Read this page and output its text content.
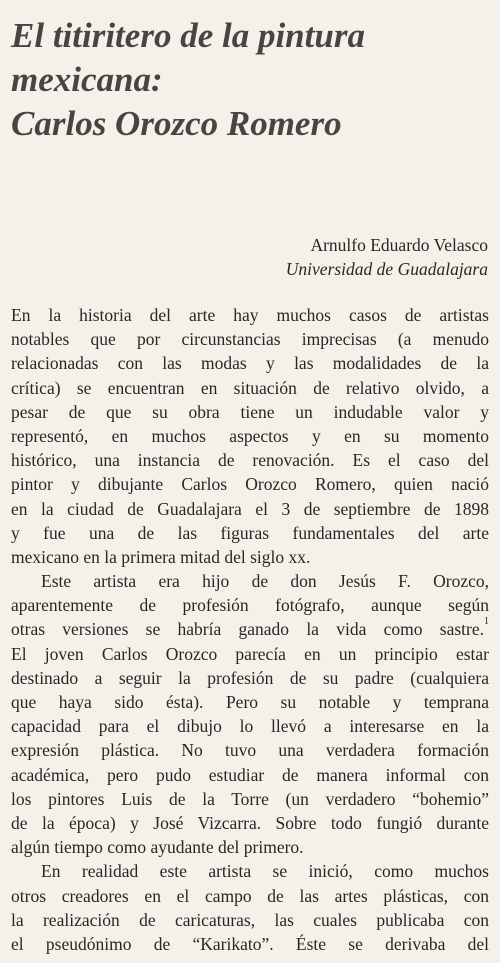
El titiritero de la pintura
mexicana:
Carlos Orozco Romero
Arnulfo Eduardo Velasco
Universidad de Guadalajara
En la historia del arte hay muchos casos de artistas
notables que por circunstancias imprecisas (a menudo
relacionadas con las modas y las modalidades de la
crítica) se encuentran en situación de relativo olvido, a
pesar de que su obra tiene un indudable valor y
representó, en muchos aspectos y en su momento
histórico, una instancia de renovación. Es el caso del
pintor y dibujante Carlos Orozco Romero, quien nació
en la ciudad de Guadalajara el 3 de septiembre de 1898
y fue una de las figuras fundamentales del arte
mexicano en la primera mitad del siglo xx.
Este artista era hijo de don Jesús F. Orozco,
aparentemente de profesión fotógrafo, aunque según
otras versiones se habría ganado la vida como sastre.$^1$
El joven Carlos Orozco parecía en un principio estar
destinado a seguir la profesión de su padre (cualquiera
que haya sido ésta). Pero su notable y temprana
capacidad para el dibujo lo llevó a interesarse en la
expresión plástica. No tuvo una verdadera formación
académica, pero pudo estudiar de manera informal con
los pintores Luis de la Torre (un verdadero “bohemio”
de la época) y José Vizcarra. Sobre todo fungió durante
algún tiempo como ayudante del primero.
En realidad este artista se inició, como muchos
otros creadores en el campo de las artes plásticas, con
la realización de caricaturas, las cuales publicaba con
el pseudónimo de “Karikato”. Éste se derivaba del
